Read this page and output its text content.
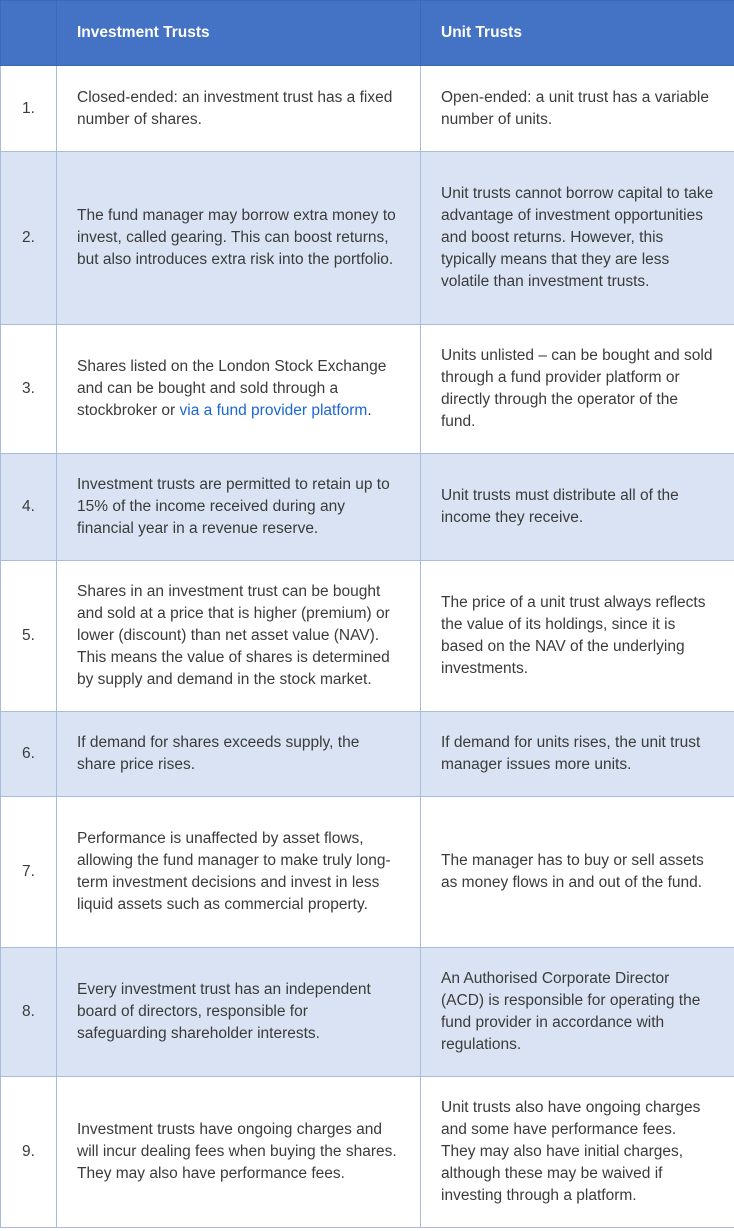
	Investment Trusts	Unit Trusts
1.	Closed-ended: an investment trust has a fixed number of shares.	Open-ended: a unit trust has a variable number of units.
2.	The fund manager may borrow extra money to invest, called gearing. This can boost returns, but also introduces extra risk into the portfolio.	Unit trusts cannot borrow capital to take advantage of investment opportunities and boost returns. However, this typically means that they are less volatile than investment trusts.
3.	Shares listed on the London Stock Exchange and can be bought and sold through a stockbroker or via a fund provider platform.	Units unlisted – can be bought and sold through a fund provider platform or directly through the operator of the fund.
4.	Investment trusts are permitted to retain up to 15% of the income received during any financial year in a revenue reserve.	Unit trusts must distribute all of the income they receive.
5.	Shares in an investment trust can be bought and sold at a price that is higher (premium) or lower (discount) than net asset value (NAV). This means the value of shares is determined by supply and demand in the stock market.	The price of a unit trust always reflects the value of its holdings, since it is based on the NAV of the underlying investments.
6.	If demand for shares exceeds supply, the share price rises.	If demand for units rises, the unit trust manager issues more units.
7.	Performance is unaffected by asset flows, allowing the fund manager to make truly long-term investment decisions and invest in less liquid assets such as commercial property.	The manager has to buy or sell assets as money flows in and out of the fund.
8.	Every investment trust has an independent board of directors, responsible for safeguarding shareholder interests.	An Authorised Corporate Director (ACD) is responsible for operating the fund provider in accordance with regulations.
9.	Investment trusts have ongoing charges and will incur dealing fees when buying the shares. They may also have performance fees.	Unit trusts also have ongoing charges and some have performance fees. They may also have initial charges, although these may be waived if investing through a platform.
